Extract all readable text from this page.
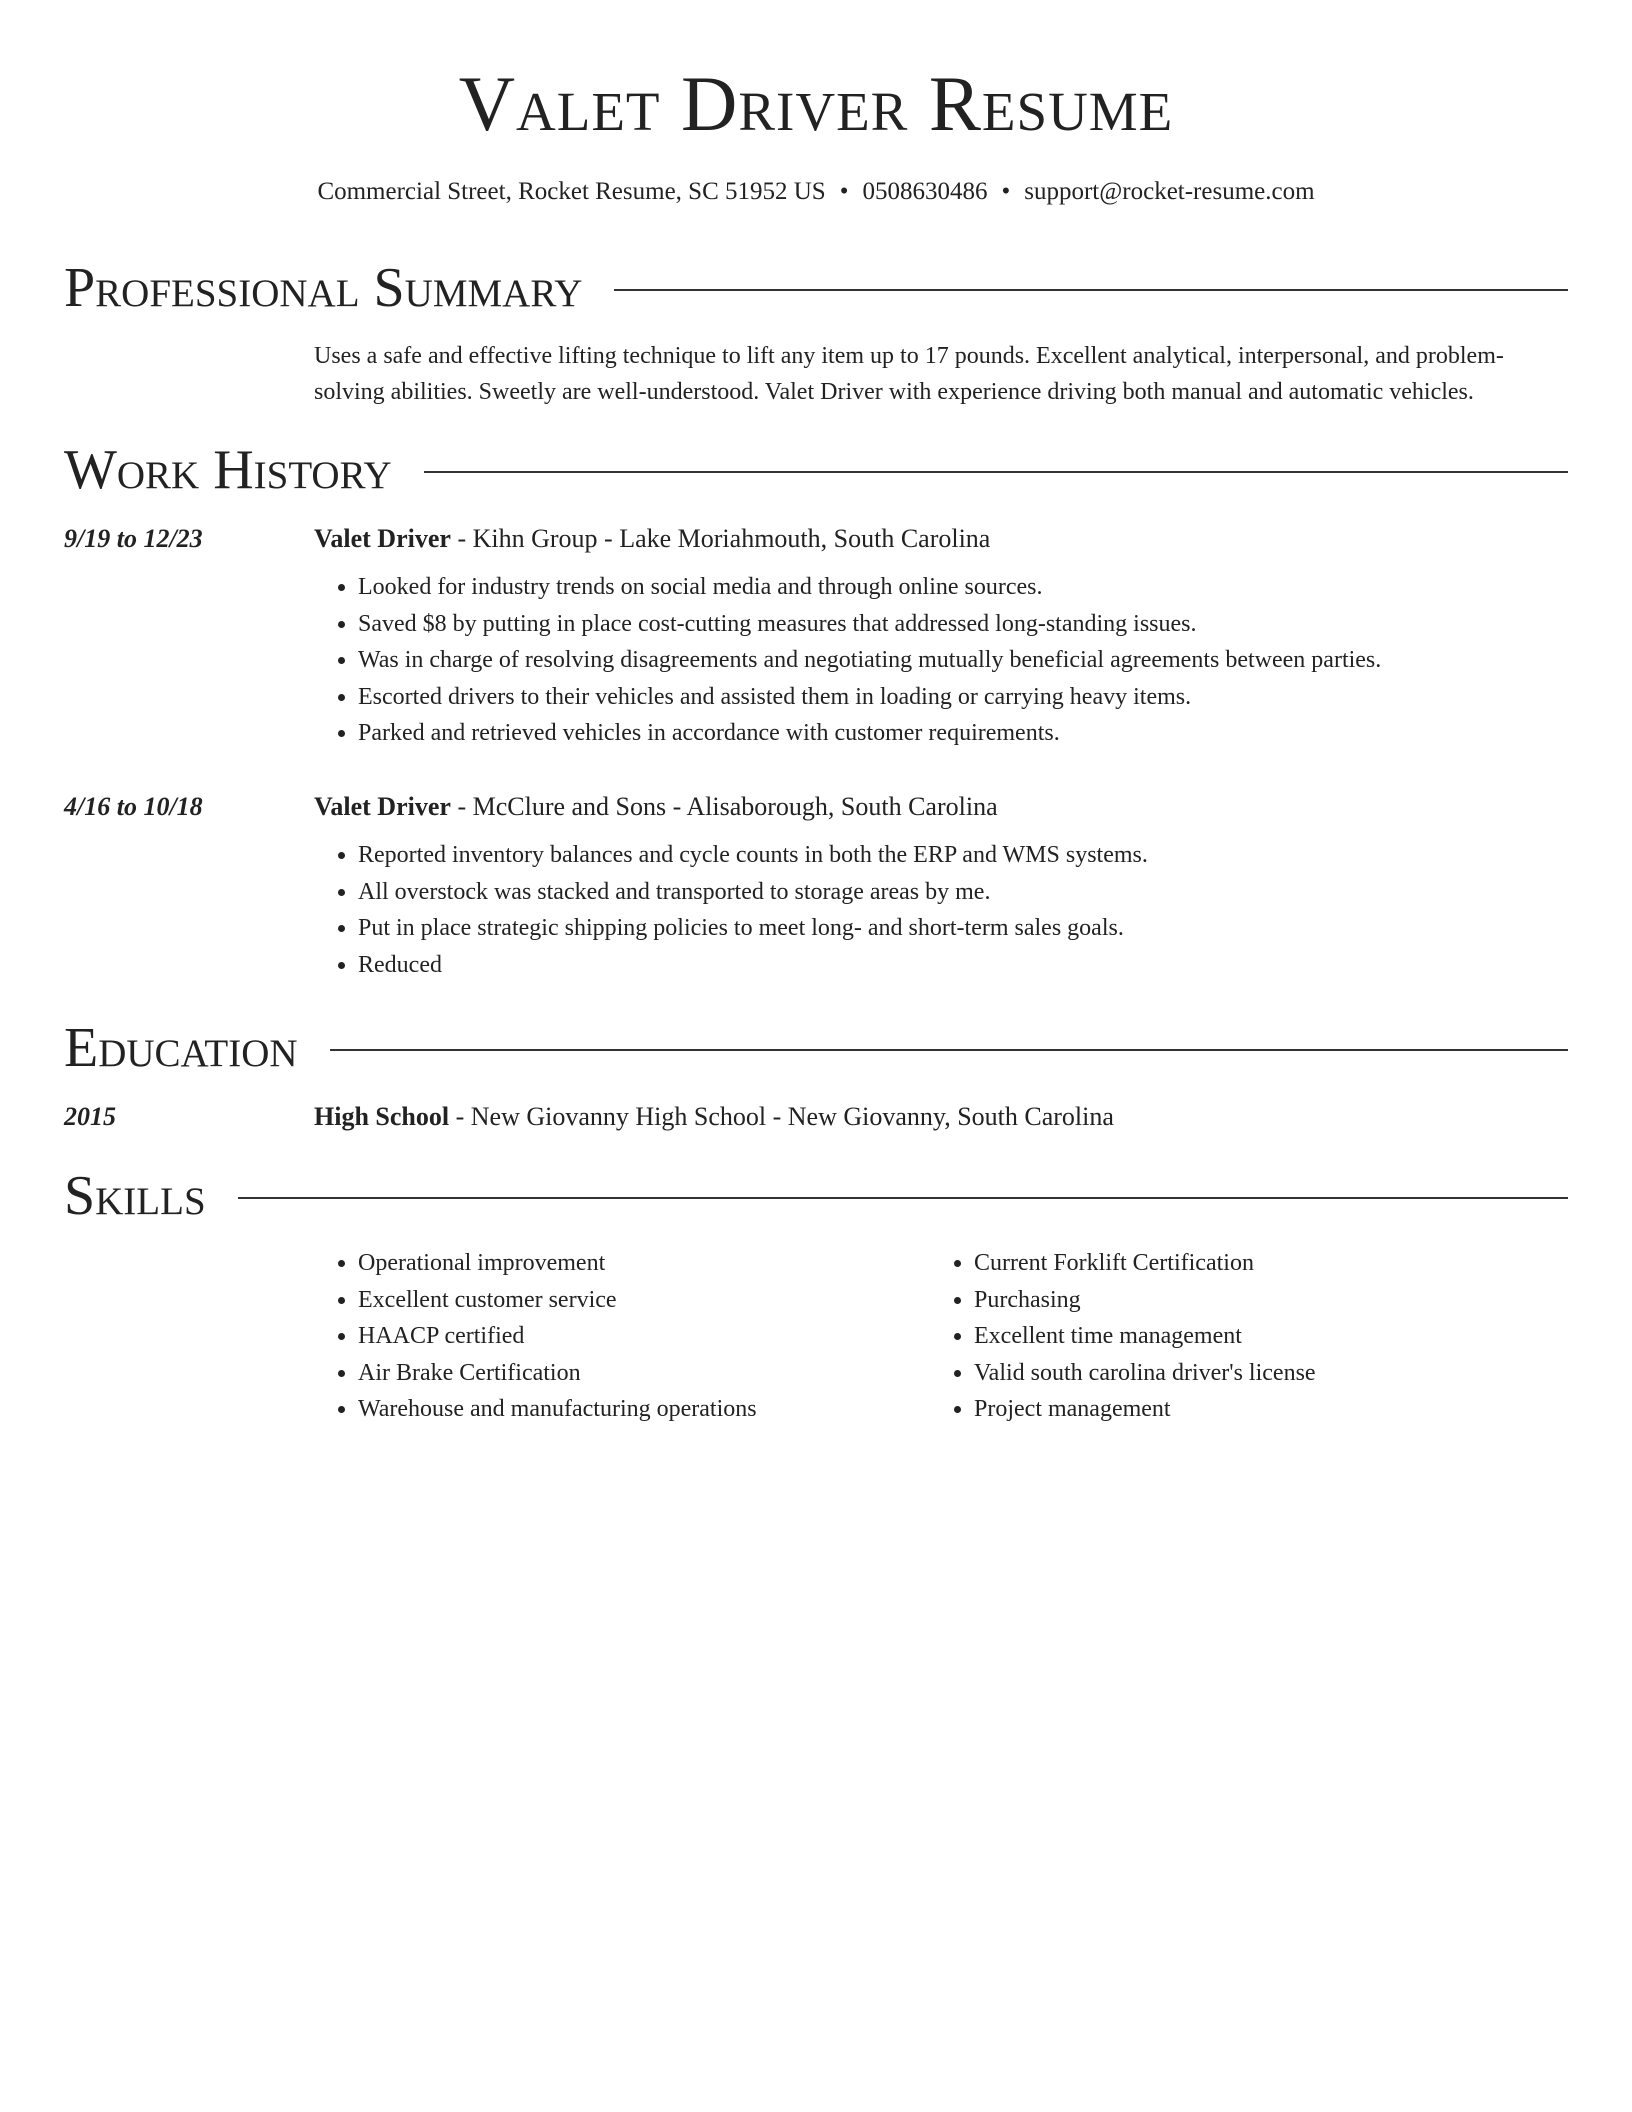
Valet Driver Resume
Commercial Street, Rocket Resume, SC 51952 US • 0508630486 • support@rocket-resume.com
Professional Summary
Uses a safe and effective lifting technique to lift any item up to 17 pounds. Excellent analytical, interpersonal, and problem-solving abilities. Sweetly are well-understood. Valet Driver with experience driving both manual and automatic vehicles.
Work History
9/19 to 12/23	Valet Driver - Kihn Group - Lake Moriahmouth, South Carolina
• Looked for industry trends on social media and through online sources.
• Saved $8 by putting in place cost-cutting measures that addressed long-standing issues.
• Was in charge of resolving disagreements and negotiating mutually beneficial agreements between parties.
• Escorted drivers to their vehicles and assisted them in loading or carrying heavy items.
• Parked and retrieved vehicles in accordance with customer requirements.
4/16 to 10/18	Valet Driver - McClure and Sons - Alisaborough, South Carolina
• Reported inventory balances and cycle counts in both the ERP and WMS systems.
• All overstock was stacked and transported to storage areas by me.
• Put in place strategic shipping policies to meet long- and short-term sales goals.
• Reduced
Education
2015	High School - New Giovanny High School - New Giovanny, South Carolina
Skills
• Operational improvement
• Excellent customer service
• HAACP certified
• Air Brake Certification
• Warehouse and manufacturing operations
• Current Forklift Certification
• Purchasing
• Excellent time management
• Valid south carolina driver's license
• Project management
